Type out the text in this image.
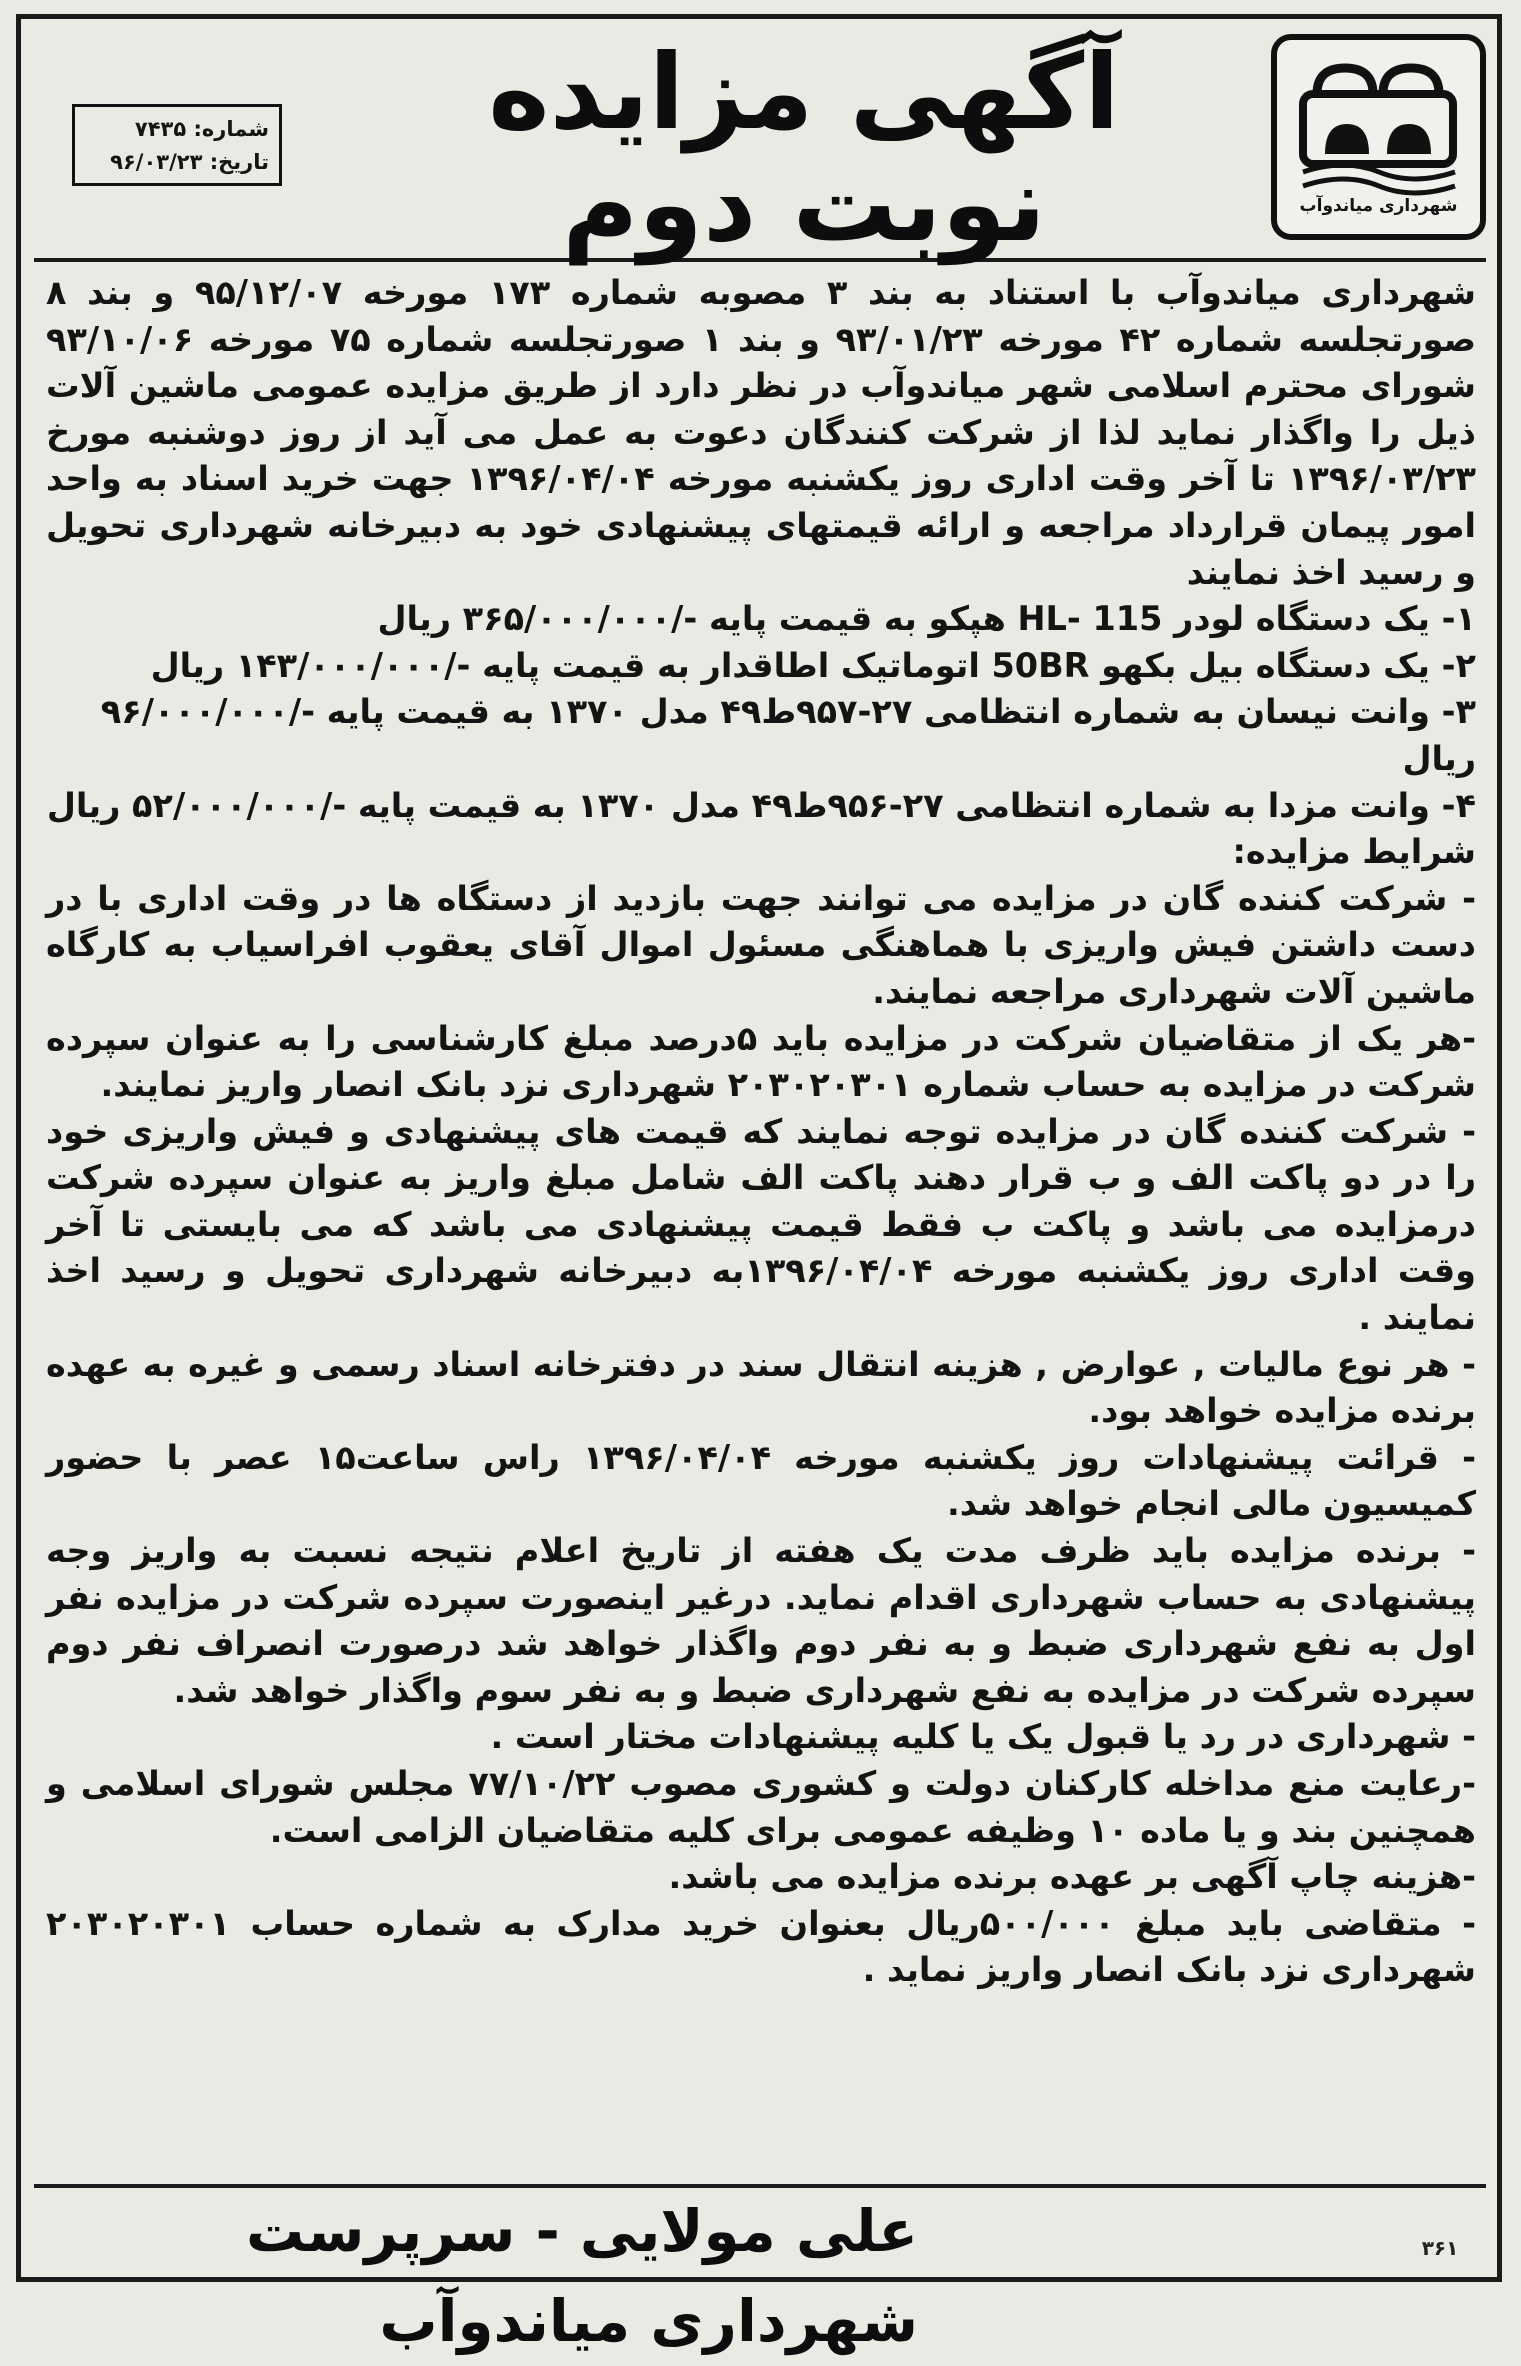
شهرداری میاندوآب
آگهی مزایده
نوبت دوم
شماره: ۷۴۳۵
تاریخ: ۹۶/۰۳/۲۳

شهرداری میاندوآب با استناد به بند ۳ مصوبه شماره ۱۷۳ مورخه ۹۵/۱۲/۰۷ و بند ۸ صورتجلسه شماره ۴۲ مورخه ۹۳/۰۱/۲۳ و بند ۱ صورتجلسه شماره ۷۵ مورخه ۹۳/۱۰/۰۶ شورای محترم اسلامی شهر میاندوآب در نظر دارد از طریق مزایده عمومی ماشین آلات ذیل را واگذار نماید لذا از شرکت کنندگان دعوت به عمل می آید از روز دوشنبه مورخ ۱۳۹۶/۰۳/۲۳ تا آخر وقت اداری روز یکشنبه مورخه ۱۳۹۶/۰۴/۰۴ جهت خرید اسناد به واحد امور پیمان قرارداد مراجعه و ارائه قیمتهای پیشنهادی خود به دبیرخانه شهرداری تحویل و رسید اخذ نمایند

۱- یک دستگاه لودر HL- 115 هپکو به قیمت پایه -/۳۶۵/۰۰۰/۰۰۰ ریال

۲- یک دستگاه بیل بکهو 50BR اتوماتیک اطاقدار به قیمت پایه -/۱۴۳/۰۰۰/۰۰۰ ریال

۳- وانت نیسان به شماره انتظامی ۲۷-۹۵۷ط۴۹ مدل ۱۳۷۰ به قیمت پایه -/۹۶/۰۰۰/۰۰۰ ریال

۴- وانت مزدا به شماره انتظامی ۲۷-۹۵۶ط۴۹ مدل ۱۳۷۰ به قیمت پایه -/۵۲/۰۰۰/۰۰۰ ریال

شرایط مزایده:

- شرکت کننده گان در مزایده می توانند جهت بازدید از دستگاه ها در وقت اداری با در دست داشتن فیش واریزی با هماهنگی مسئول اموال آقای یعقوب افراسیاب به کارگاه ماشین آلات شهرداری مراجعه نمایند.

-هر یک از متقاضیان شرکت در مزایده باید ۵درصد مبلغ کارشناسی را به عنوان سپرده شرکت در مزایده به حساب شماره ۲۰۳۰۲۰۳۰۱ شهرداری نزد بانک انصار واریز نمایند.

- شرکت کننده گان در مزایده توجه نمایند که قیمت های پیشنهادی و فیش واریزی خود را در دو پاکت الف و ب قرار دهند پاکت الف شامل مبلغ واریز به عنوان سپرده شرکت درمزایده می باشد و پاکت ب فقط قیمت پیشنهادی می باشد که می بایستی تا آخر وقت اداری روز یکشنبه مورخه ۱۳۹۶/۰۴/۰۴به دبیرخانه شهرداری تحویل و رسید اخذ نمایند .

- هر نوع مالیات , عوارض , هزینه انتقال سند در دفترخانه اسناد رسمی و غیره به عهده برنده مزایده خواهد بود.

- قرائت پیشنهادات روز یکشنبه مورخه ۱۳۹۶/۰۴/۰۴ راس ساعت۱۵ عصر با حضور کمیسیون مالی انجام خواهد شد.

- برنده مزایده باید ظرف مدت یک هفته از تاریخ اعلام نتیجه نسبت به واریز وجه پیشنهادی به حساب شهرداری اقدام نماید. درغیر اینصورت سپرده شرکت در مزایده نفر اول به نفع شهرداری ضبط و به نفر دوم واگذار خواهد شد درصورت انصراف نفر دوم سپرده شرکت در مزایده به نفع شهرداری ضبط و به نفر سوم واگذار خواهد شد.

- شهرداری در رد یا قبول یک یا کلیه پیشنهادات مختار است .

-رعایت منع مداخله کارکنان دولت و کشوری مصوب ۷۷/۱۰/۲۲ مجلس شورای اسلامی و همچنین بند و یا ماده ۱۰ وظیفه عمومی برای کلیه متقاضیان الزامی است.

-هزینه چاپ آگهی بر عهده برنده مزایده می باشد.

- متقاضی باید مبلغ ۵۰۰/۰۰۰ریال بعنوان خرید مدارک به شماره حساب ۲۰۳۰۲۰۳۰۱ شهرداری نزد بانک انصار واریز نماید .

علی مولایی - سرپرست شهرداری میاندوآب
۳۶۱
